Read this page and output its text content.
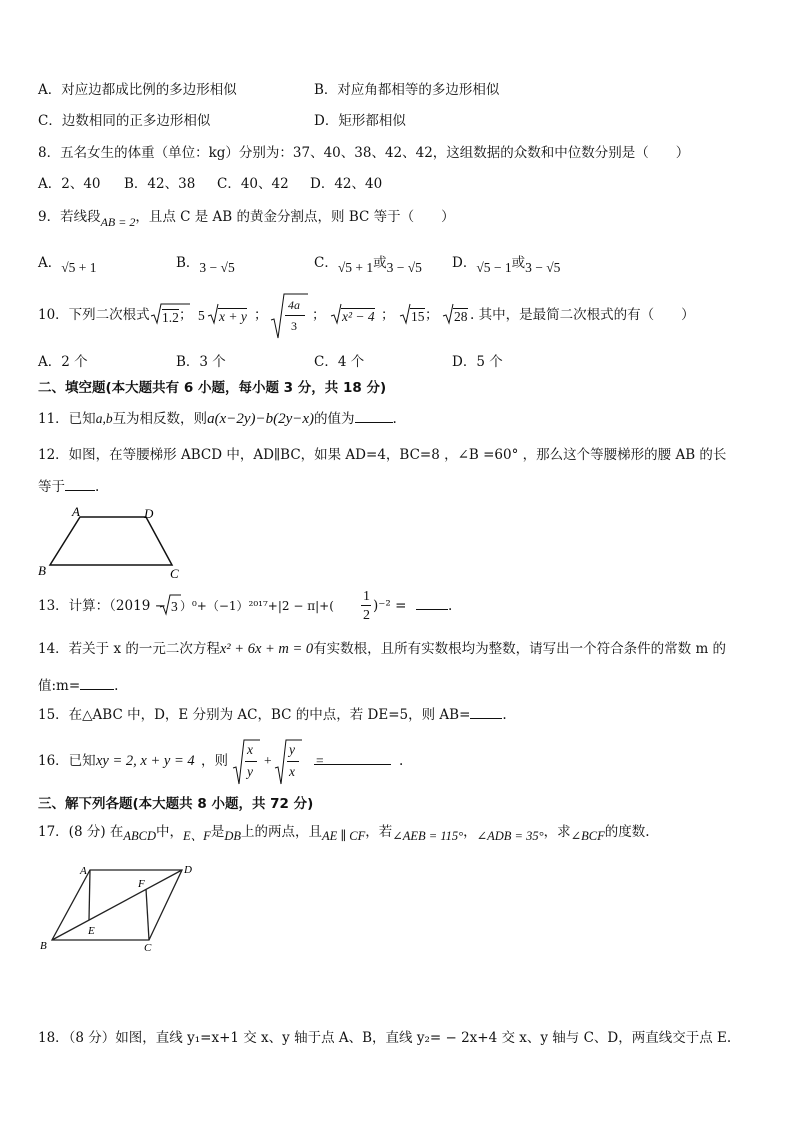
A．对应边都成比例的多边形相似	B．对应角都相等的多边形相似
C．边数相同的正多边形相似	D．矩形都相似
8．五名女生的体重（单位：kg）分别为：37、40、38、42、42，这组数据的众数和中位数分别是（　　）
A．2、40 B．42、38 C．40、42 D．42、40
9．若线段AB = 2，且点 C 是 AB 的黄金分割点，则 BC 等于（　　）
A．√5 + 1	B．3 − √5	C．√5 + 1或3 − √5 D．√5 − 1或3 − √5
10．下列二次根式 1.2 ； 5 x + y ；
4a
3
； x² − 4 ； 15 ； 28 . 其中，是最简二次根式的有（　　）
A．2 个	B．3 个	C．4 个	D．5 个
二、填空题(本大题共有 6 小题，每小题 3 分，共 18 分)
11．已知a,b互为相反数，则a(x−2y)−b(2y−x)的值为	.
12．如图，在等腰梯形 ABCD 中，AD∥BC，如果 AD=4，BC=8 ，∠B =60° ，那么这个等腰梯形的腰 AB 的长
等于 .
A	D
B	C
13．计算：（2019 − 3 ）⁰+（−1）²⁰¹⁷+|2 − π|+(
1
2
)⁻² =	.
14．若关于 x 的一元二次方程x² + 6x + m = 0有实数根，且所有实数根均为整数，请写出一个符合条件的常数 m 的
值:m=	.
15．在△ABC 中，D，E 分别为 AC，BC 的中点，若 DE=5，则 AB= .
16．已知 xy = 2, x + y = 4 ，则
x
y
+
y
x
=	.
三、解下列各题(本大题共 8 小题，共 72 分)
17．(8 分) 在ABCD中，E、F是DB上的两点，且AE ∥ CF，若∠AEB = 115°，∠ADB = 35°，求∠BCF的度数.
A	D
F
E
B	C
18．（8 分）如图，直线 y₁=x+1 交 x、y 轴于点 A、B，直线 y₂= − 2x+4 交 x、y 轴与 C、D，两直线交于点 E.
